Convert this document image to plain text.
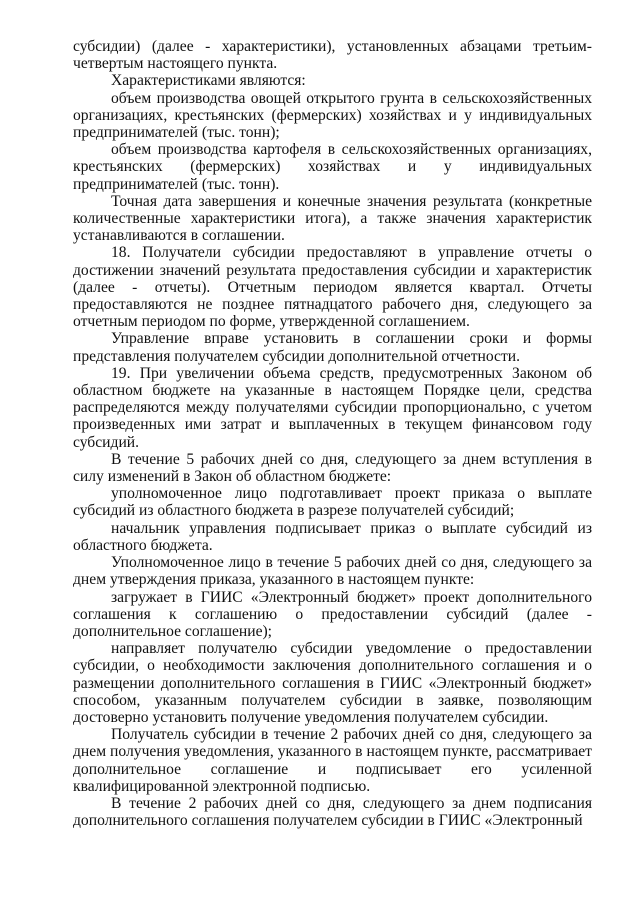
субсидии) (далее - характеристики), установленных абзацами третьим-четвертым настоящего пункта.

Характеристиками являются:

объем производства овощей открытого грунта в сельскохозяйственных организациях, крестьянских (фермерских) хозяйствах и у индивидуальных предпринимателей (тыс. тонн);

объем производства картофеля в сельскохозяйственных организациях, крестьянских (фермерских) хозяйствах и у индивидуальных предпринимателей (тыс. тонн).

Точная дата завершения и конечные значения результата (конкретные количественные характеристики итога), а также значения характеристик устанавливаются в соглашении.

18. Получатели субсидии предоставляют в управление отчеты о достижении значений результата предоставления субсидии и характеристик (далее - отчеты). Отчетным периодом является квартал. Отчеты предоставляются не позднее пятнадцатого рабочего дня, следующего за отчетным периодом по форме, утвержденной соглашением.

Управление вправе установить в соглашении сроки и формы представления получателем субсидии дополнительной отчетности.

19. При увеличении объема средств, предусмотренных Законом об областном бюджете на указанные в настоящем Порядке цели, средства распределяются между получателями субсидии пропорционально, с учетом произведенных ими затрат и выплаченных в текущем финансовом году субсидий.

В течение 5 рабочих дней со дня, следующего за днем вступления в силу изменений в Закон об областном бюджете:

уполномоченное лицо подготавливает проект приказа о выплате субсидий из областного бюджета в разрезе получателей субсидий;

начальник управления подписывает приказ о выплате субсидий из областного бюджета.

Уполномоченное лицо в течение 5 рабочих дней со дня, следующего за днем утверждения приказа, указанного в настоящем пункте:

загружает в ГИИС «Электронный бюджет» проект дополнительного соглашения к соглашению о предоставлении субсидий (далее - дополнительное соглашение);

направляет получателю субсидии уведомление о предоставлении субсидии, о необходимости заключения дополнительного соглашения и о размещении дополнительного соглашения в ГИИС «Электронный бюджет» способом, указанным получателем субсидии в заявке, позволяющим достоверно установить получение уведомления получателем субсидии.

Получатель субсидии в течение 2 рабочих дней со дня, следующего за днем получения уведомления, указанного в настоящем пункте, рассматривает дополнительное соглашение и подписывает его усиленной квалифицированной электронной подписью.

В течение 2 рабочих дней со дня, следующего за днем подписания дополнительного соглашения получателем субсидии в ГИИС «Электронный
